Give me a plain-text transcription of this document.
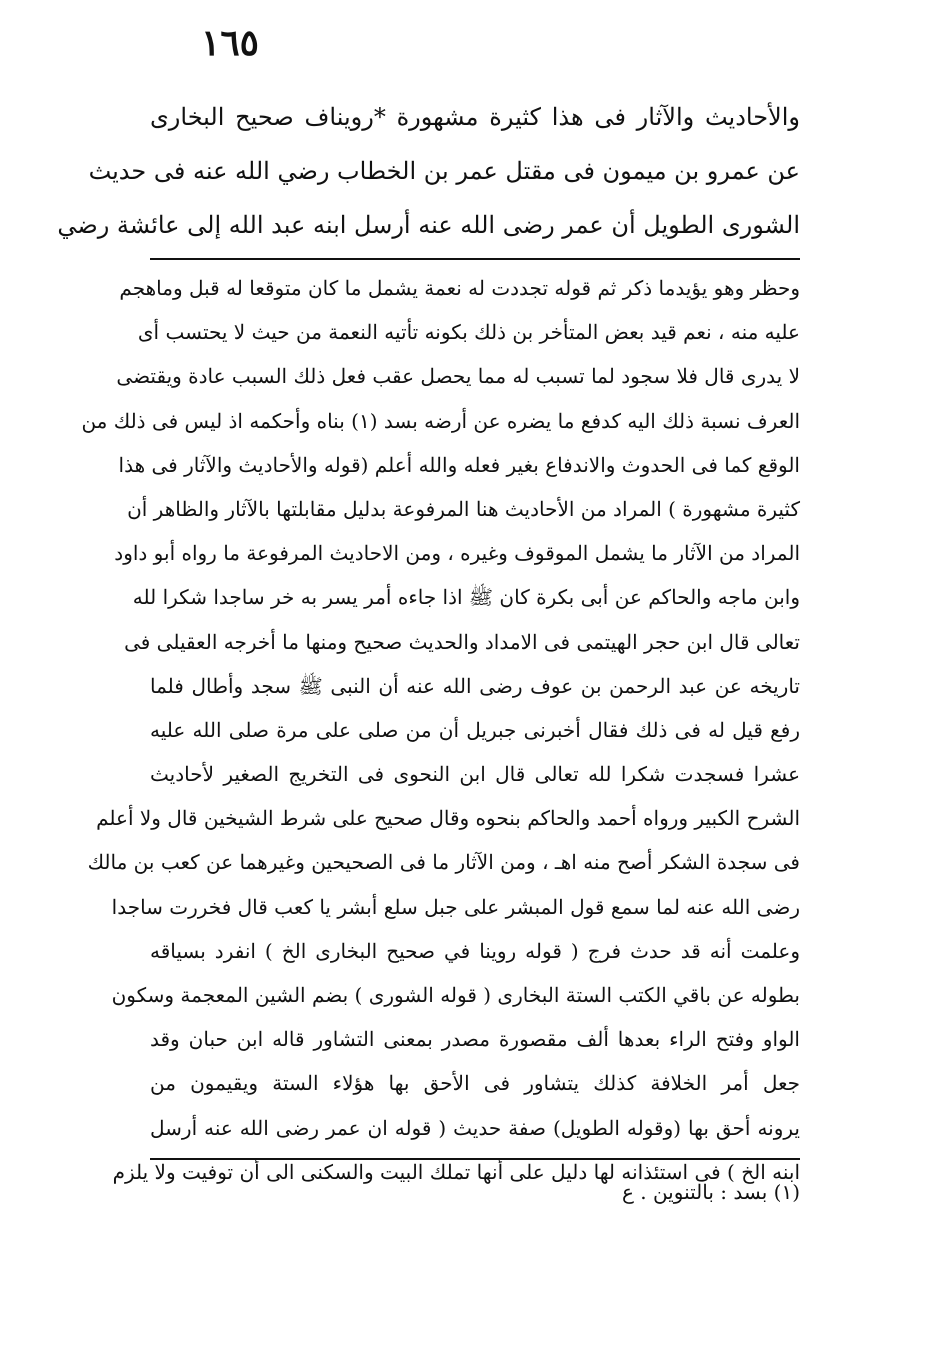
١٦٥
والأحاديث والآثار فى هذا كثيرة مشهورة *رويناف صحيح البخارى
عن عمرو بن ميمون فى مقتل عمر بن الخطاب رضي الله عنه فى حديث
الشورى الطويل أن عمر رضى الله عنه أرسل ابنه عبد الله إلى عائشة رضي
وحظر وهو يؤيدما ذكر ثم قوله تجددت له نعمة يشمل ما كان متوقعا له قبل وماهجم
عليه منه ، نعم قيد بعض المتأخر بن ذلك بكونه تأتيه النعمة من حيث لا يحتسب أى
لا يدرى قال فلا سجود لما تسبب له مما يحصل عقب فعل ذلك السبب عادة ويقتضى
العرف نسبة ذلك اليه كدفع ما يضره عن أرضه بسد (١) بناه وأحكمه اذ ليس فى ذلك من
الوقع كما فى الحدوث والاندفاع بغير فعله والله أعلم (قوله والأحاديث والآثار فى هذا
كثيرة مشهورة ) المراد من الأحاديث هنا المرفوعة بدليل مقابلتها بالآثار والظاهر أن
المراد من الآثار ما يشمل الموقوف وغيره ، ومن الاحاديث المرفوعة ما رواه أبو داود
وابن ماجه والحاكم عن أبى بكرة كان ﷺ اذا جاءه أمر يسر به خر ساجدا شكرا لله
تعالى قال ابن حجر الهيتمى فى الامداد والحديث صحيح ومنها ما أخرجه العقيلى فى
تاريخه عن عبد الرحمن بن عوف رضى الله عنه أن النبى ﷺ سجد وأطال فلما
رفع قيل له فى ذلك فقال أخبرنى جبريل أن من صلى على مرة صلى الله عليه
عشرا فسجدت شكرا لله تعالى قال ابن النحوى فى التخريج الصغير لأحاديث
الشرح الكبير ورواه أحمد والحاكم بنحوه وقال صحيح على شرط الشيخين قال ولا أعلم
فى سجدة الشكر أصح منه اهـ ، ومن الآثار ما فى الصحيحين وغيرهما عن كعب بن مالك
رضى الله عنه لما سمع قول المبشر على جبل سلع أبشر يا كعب قال فخررت ساجدا
وعلمت أنه قد حدث فرج ( قوله روينا في صحيح البخارى الخ ) انفرد بسياقه
بطوله عن باقي الكتب الستة البخارى ( قوله الشورى ) بضم الشين المعجمة وسكون
الواو وفتح الراء بعدها ألف مقصورة مصدر بمعنى التشاور قاله ابن حبان وقد
جعل أمر الخلافة كذلك يتشاور فى الأحق بها هؤلاء الستة ويقيمون من
يرونه أحق بها (وقوله الطويل) صفة حديث ( قوله ان عمر رضى الله عنه أرسل
ابنه الخ ) فى استئذانه لها دليل على أنها تملك البيت والسكنى الى أن توفيت ولا يلزم
(١) بسد : بالتنوين . ع
